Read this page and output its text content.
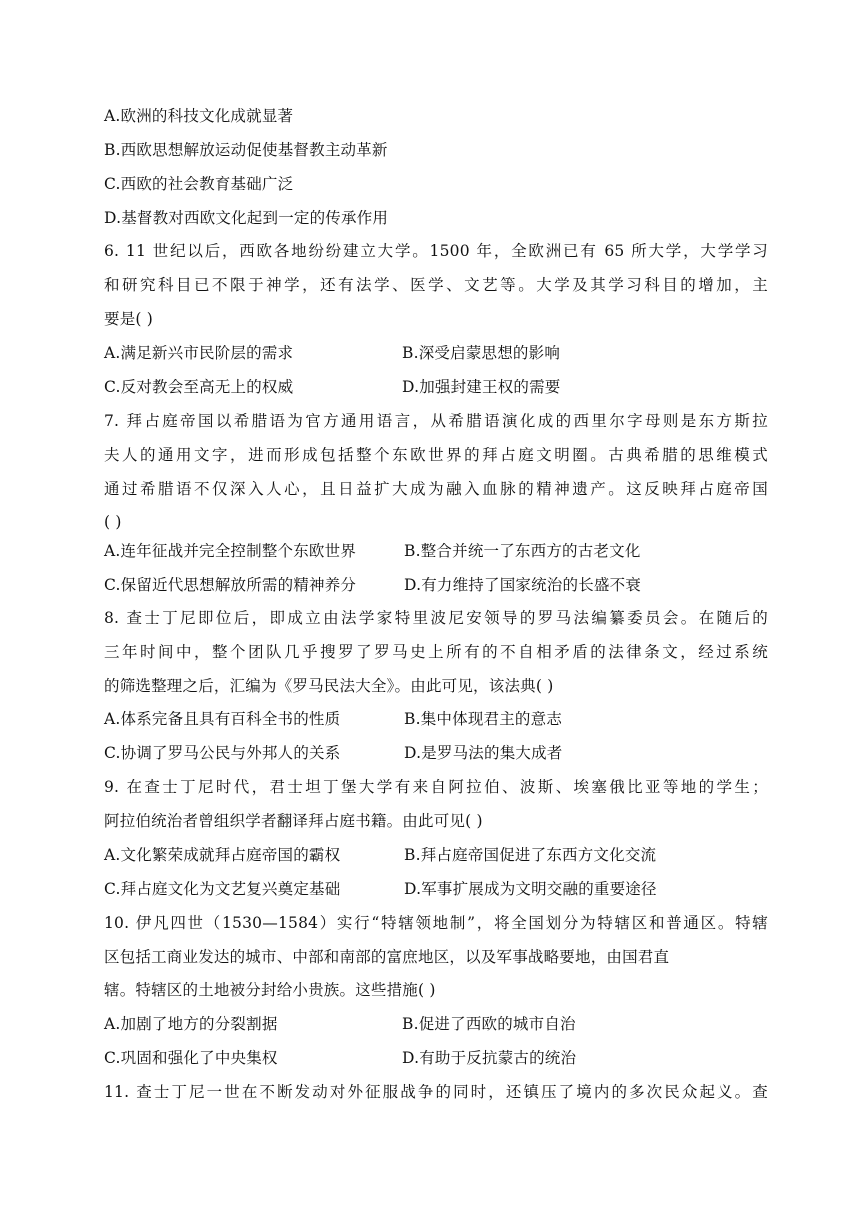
A.欧洲的科技文化成就显著
B.西欧思想解放运动促使基督教主动革新
C.西欧的社会教育基础广泛
D.基督教对西欧文化起到一定的传承作用
6. 11 世纪以后，西欧各地纷纷建立大学。1500 年，全欧洲已有 65 所大学，大学学习
和研究科目已不限于神学，还有法学、医学、文艺等。大学及其学习科目的增加，主
要是( )
A.满足新兴市民阶层的需求	B.深受启蒙思想的影响
C.反对教会至高无上的权威	D.加强封建王权的需要
7. 拜占庭帝国以希腊语为官方通用语言，从希腊语演化成的西里尔字母则是东方斯拉
夫人的通用文字，进而形成包括整个东欧世界的拜占庭文明圈。古典希腊的思维模式
通过希腊语不仅深入人心，且日益扩大成为融入血脉的精神遗产。这反映拜占庭帝国
( )
A.连年征战并完全控制整个东欧世界	B.整合并统一了东西方的古老文化
C.保留近代思想解放所需的精神养分	D.有力维持了国家统治的长盛不衰
8. 查士丁尼即位后，即成立由法学家特里波尼安领导的罗马法编纂委员会。在随后的
三年时间中，整个团队几乎搜罗了罗马史上所有的不自相矛盾的法律条文，经过系统
的筛选整理之后，汇编为《罗马民法大全》。由此可见，该法典( )
A.体系完备且具有百科全书的性质	B.集中体现君主的意志
C.协调了罗马公民与外邦人的关系	D.是罗马法的集大成者
9. 在查士丁尼时代，君士坦丁堡大学有来自阿拉伯、波斯、埃塞俄比亚等地的学生；
阿拉伯统治者曾组织学者翻译拜占庭书籍。由此可见( )
A.文化繁荣成就拜占庭帝国的霸权	B.拜占庭帝国促进了东西方文化交流
C.拜占庭文化为文艺复兴奠定基础	D.军事扩展成为文明交融的重要途径
10. 伊凡四世（1530—1584）实行“特辖领地制”，将全国划分为特辖区和普通区。特辖
区包括工商业发达的城市、中部和南部的富庶地区，以及军事战略要地，由国君直
辖。特辖区的土地被分封给小贵族。这些措施( )
A.加剧了地方的分裂割据	B.促进了西欧的城市自治
C.巩固和强化了中央集权	D.有助于反抗蒙古的统治
11. 查士丁尼一世在不断发动对外征服战争的同时，还镇压了境内的多次民众起义。查
